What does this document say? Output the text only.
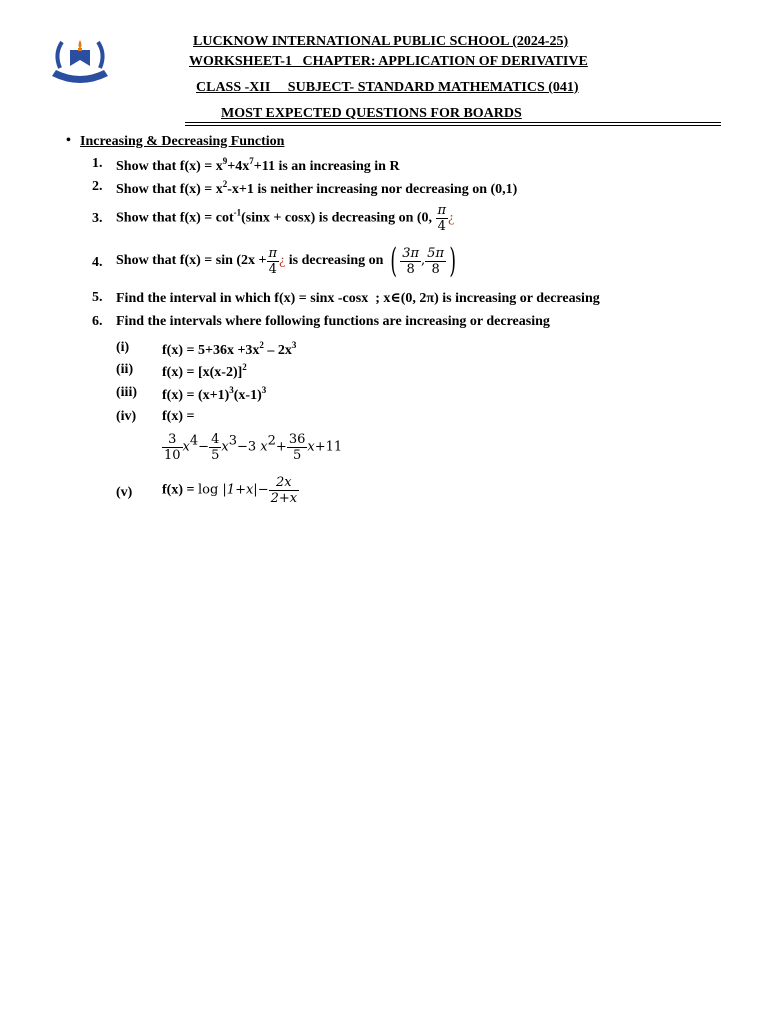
LUCKNOW INTERNATIONAL PUBLIC SCHOOL (2024-25)
WORKSHEET-1   CHAPTER: APPLICATION OF DERIVATIVE
CLASS -XII     SUBJECT- STANDARD MATHEMATICS (041)
MOST EXPECTED QUESTIONS FOR BOARDS
• Increasing & Decreasing Function
1. Show that $f(x) = x^9+4x^7+11$ is an increasing in R
2. Show that $f(x) = x^2-x+1$ is neither increasing nor decreasing on (0,1)
3. Show that $f(x) = \cot^{-1}(\sin x + \cos x)$ is decreasing on (0, $\frac{\pi}{4}$ ¿
4. Show that $f(x) = \sin (2x + \frac{\pi}{4}$ ¿ is decreasing on ( $\frac{3\pi}{8}$ , $\frac{5\pi}{8}$ )
5. Find the interval in which f(x) = sinx -cosx  ; x∈(0, 2π) is increasing or decreasing
6. Find the intervals where following functions are increasing or decreasing
(i) $f(x) = 5+36x +3x^2 - 2x^3$
(ii) $f(x) = [x(x-2)]^2$
(iii) $f(x) = (x+1)^3(x-1)^3$
(iv) f(x) =
$\frac{3}{10} x4- \frac{4}{5} x3-3$ $x2+ \frac{36}{5} x+11$
(v) $f(x) = \log |1+x|- \frac{2x}{2+x}$
